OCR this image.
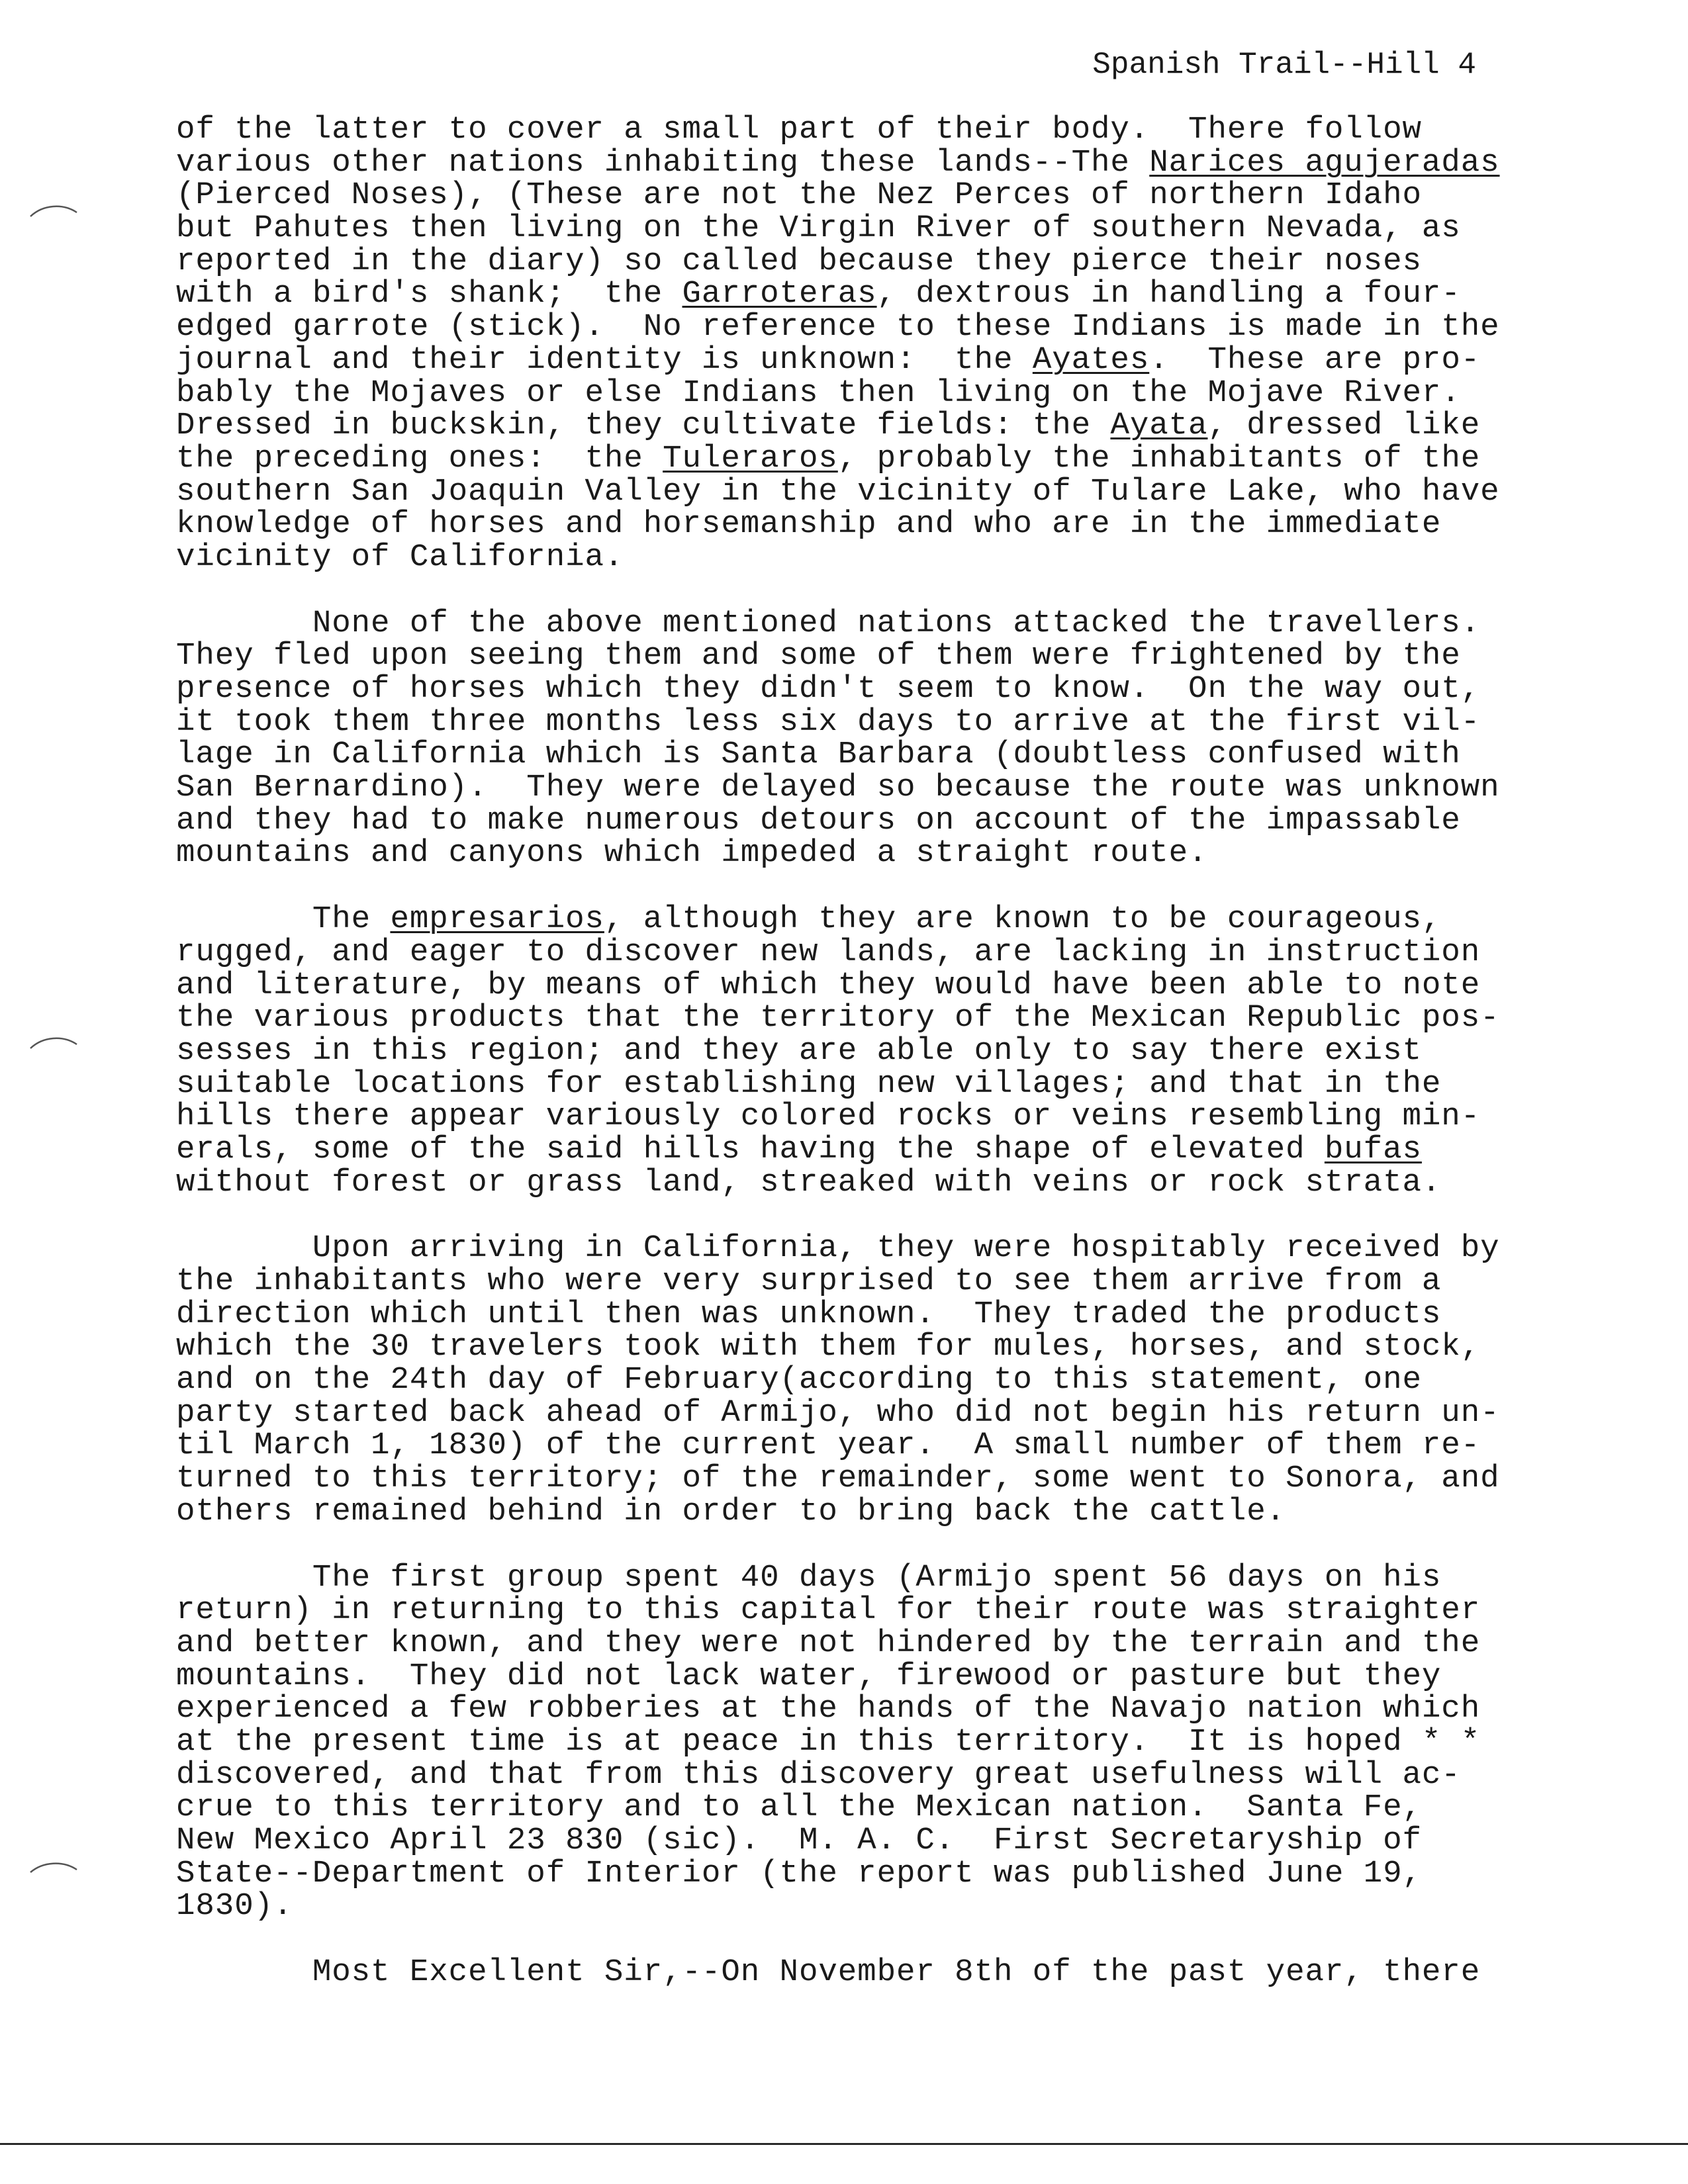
Spanish Trail--Hill 4
of the latter to cover a small part of their body.  There follow
various other nations inhabiting these lands--The Narices agujeradas
(Pierced Noses), (These are not the Nez Perces of northern Idaho
but Pahutes then living on the Virgin River of southern Nevada, as
reported in the diary) so called because they pierce their noses
with a bird's shank;  the Garroteras, dextrous in handling a four-
edged garrote (stick).  No reference to these Indians is made in the
journal and their identity is unknown:  the Ayates.  These are pro-
bably the Mojaves or else Indians then living on the Mojave River.
Dressed in buckskin, they cultivate fields: the Ayata, dressed like
the preceding ones:  the Tuleraros, probably the inhabitants of the
southern San Joaquin Valley in the vicinity of Tulare Lake, who have
knowledge of horses and horsemanship and who are in the immediate
vicinity of California.
None of the above mentioned nations attacked the travellers.
They fled upon seeing them and some of them were frightened by the
presence of horses which they didn't seem to know.  On the way out,
it took them three months less six days to arrive at the first vil-
lage in California which is Santa Barbara (doubtless confused with
San Bernardino).  They were delayed so because the route was unknown
and they had to make numerous detours on account of the impassable
mountains and canyons which impeded a straight route.
The empresarios, although they are known to be courageous,
rugged, and eager to discover new lands, are lacking in instruction
and literature, by means of which they would have been able to note
the various products that the territory of the Mexican Republic pos-
sesses in this region; and they are able only to say there exist
suitable locations for establishing new villages; and that in the
hills there appear variously colored rocks or veins resembling min-
erals, some of the said hills having the shape of elevated bufas
without forest or grass land, streaked with veins or rock strata.
Upon arriving in California, they were hospitably received by
the inhabitants who were very surprised to see them arrive from a
direction which until then was unknown.  They traded the products
which the 30 travelers took with them for mules, horses, and stock,
and on the 24th day of February(according to this statement, one
party started back ahead of Armijo, who did not begin his return un-
til March 1, 1830) of the current year.  A small number of them re-
turned to this territory; of the remainder, some went to Sonora, and
others remained behind in order to bring back the cattle.
The first group spent 40 days (Armijo spent 56 days on his
return) in returning to this capital for their route was straighter
and better known, and they were not hindered by the terrain and the
mountains.  They did not lack water, firewood or pasture but they
experienced a few robberies at the hands of the Navajo nation which
at the present time is at peace in this territory.  It is hoped * *
discovered, and that from this discovery great usefulness will ac-
crue to this territory and to all the Mexican nation.  Santa Fe,
New Mexico April 23 830 (sic).  M. A. C.  First Secretaryship of
State--Department of Interior (the report was published June 19,
1830).
Most Excellent Sir,--On November 8th of the past year, there
